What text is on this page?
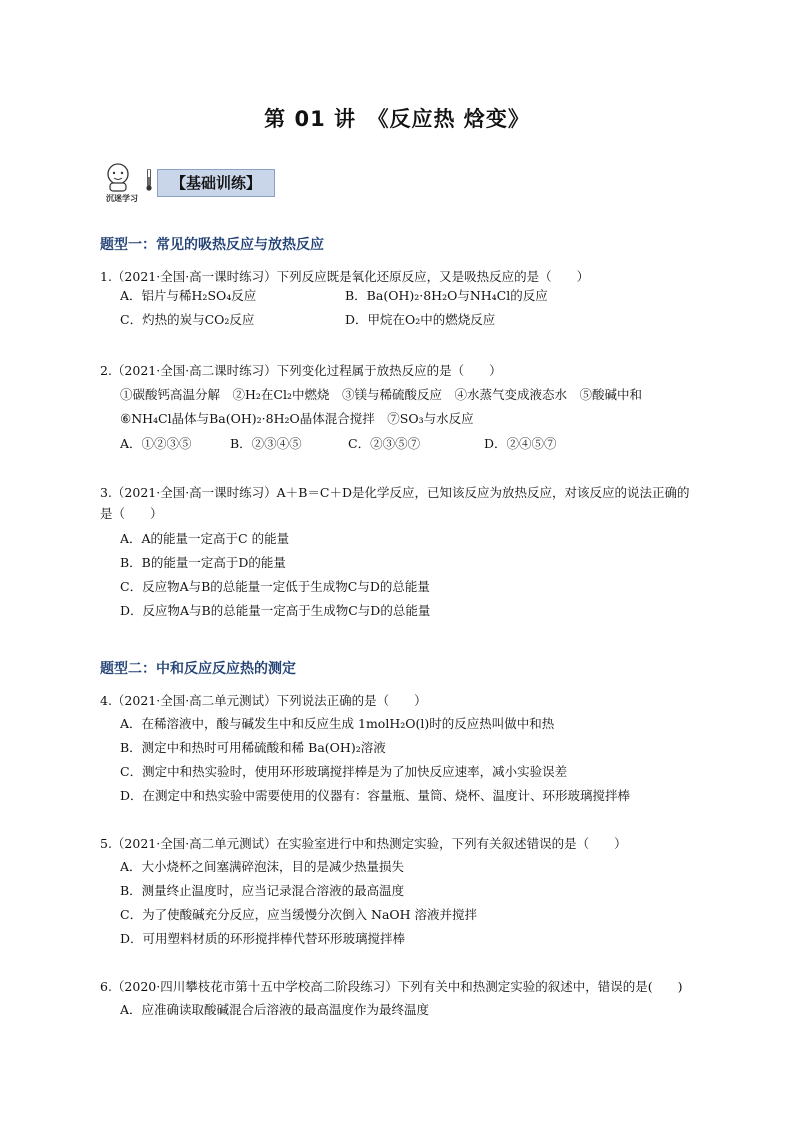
第 01 讲　《反应热 焓变》
沉迷学习
【基础训练】
题型一：常见的吸热反应与放热反应
1.（2021·全国·高一课时练习）下列反应既是氧化还原反应，又是吸热反应的是（　　）
A．铝片与稀H₂SO₄反应	B．Ba(OH)₂·8H₂O与NH₄Cl的反应
C．灼热的炭与CO₂反应	D．甲烷在O₂中的燃烧反应
2.（2021·全国·高二课时练习）下列变化过程属于放热反应的是（　　）
①碳酸钙高温分解　②H₂在Cl₂中燃烧　③镁与稀硫酸反应　④水蒸气变成液态水　⑤酸碱中和
⑥NH₄Cl晶体与Ba(OH)₂·8H₂O晶体混合搅拌　⑦SO₃与水反应
A．①②③⑤	B．②③④⑤	C．②③⑤⑦	D．②④⑤⑦
3.（2021·全国·高一课时练习）A＋B＝C＋D是化学反应，已知该反应为放热反应，对该反应的说法正确的
是（　　）
A．A的能量一定高于C 的能量
B．B的能量一定高于D的能量
C．反应物A与B的总能量一定低于生成物C与D的总能量
D．反应物A与B的总能量一定高于生成物C与D的总能量
题型二：中和反应反应热的测定
4.（2021·全国·高二单元测试）下列说法正确的是（　　）
A．在稀溶液中，酸与碱发生中和反应生成 1molH₂O(l)时的反应热叫做中和热
B．测定中和热时可用稀硫酸和稀 Ba(OH)₂溶液
C．测定中和热实验时，使用环形玻璃搅拌棒是为了加快反应速率，减小实验误差
D．在测定中和热实验中需要使用的仪器有：容量瓶、量筒、烧杯、温度计、环形玻璃搅拌棒
5.（2021·全国·高二单元测试）在实验室进行中和热测定实验，下列有关叙述错误的是（　　）
A．大小烧杯之间塞满碎泡沫，目的是减少热量损失
B．测量终止温度时，应当记录混合溶液的最高温度
C．为了使酸碱充分反应，应当缓慢分次倒入 NaOH 溶液并搅拌
D．可用塑料材质的环形搅拌棒代替环形玻璃搅拌棒
6.（2020·四川攀枝花市第十五中学校高二阶段练习）下列有关中和热测定实验的叙述中，错误的是(　　)
A．应准确读取酸碱混合后溶液的最高温度作为最终温度
